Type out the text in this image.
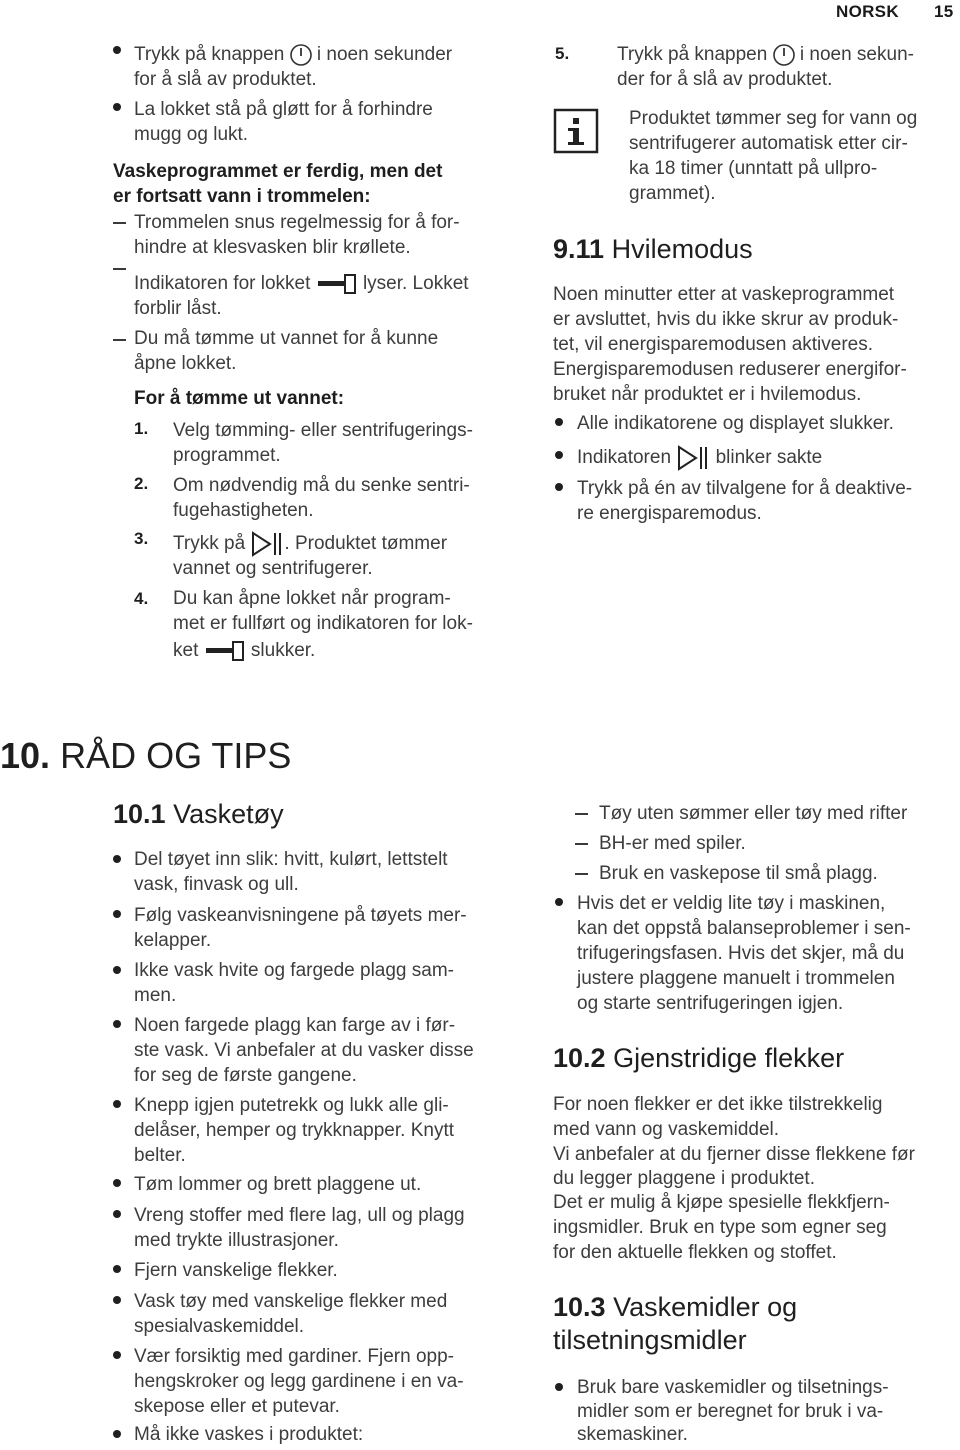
NORSK 15
Trykk på knappen i noen sekunder
for å slå av produktet.
La lokket stå på gløtt for å forhindre
mugg og lukt.
Vaskeprogrammet er ferdig, men det
er fortsatt vann i trommelen:
Trommelen snus regelmessig for å for-
hindre at klesvasken blir krøllete.
Indikatoren for lokket	lyser. Lokket
forblir låst.
Du må tømme ut vannet for å kunne
åpne lokket.
For å tømme ut vannet:
1. Velg tømming- eller sentrifugerings-
programmet.
2. Om nødvendig må du senke sentri-
fugehastigheten.
3. Trykk på . Produktet tømmer
vannet og sentrifugerer.
4. Du kan åpne lokket når program-
met er fullført og indikatoren for lok-
ket	slukker.
5.	Trykk på knappen i noen sekun-
der for å slå av produktet.
Produktet tømmer seg for vann og
sentrifugerer automatisk etter cir-
ka 18 timer (unntatt på ullpro-
grammet).
9.11 Hvilemodus
Noen minutter etter at vaskeprogrammet
er avsluttet, hvis du ikke skrur av produk-
tet, vil energisparemodusen aktiveres.
Energisparemodusen reduserer energifor-
bruket når produktet er i hvilemodus.
Alle indikatorene og displayet slukker.
Indikatoren blinker sakte
Trykk på én av tilvalgene for å deaktive-
re energisparemodus.
10. RÅD OG TIPS
10.1 Vasketøy
Del tøyet inn slik: hvitt, kulørt, lettstelt
vask, finvask og ull.
Følg vaskeanvisningene på tøyets mer-
kelapper.
Ikke vask hvite og fargede plagg sam-
men.
Noen fargede plagg kan farge av i før-
ste vask. Vi anbefaler at du vasker disse
for seg de første gangene.
Knepp igjen putetrekk og lukk alle gli-
delåser, hemper og trykknapper. Knytt
belter.
Tøm lommer og brett plaggene ut.
Vreng stoffer med flere lag, ull og plagg
med trykte illustrasjoner.
Fjern vanskelige flekker.
Vask tøy med vanskelige flekker med
spesialvaskemiddel.
Vær forsiktig med gardiner. Fjern opp-
hengskroker og legg gardinene i en va-
skepose eller et putevar.
Må ikke vaskes i produktet:
Tøy uten sømmer eller tøy med rifter
BH-er med spiler.
Bruk en vaskepose til små plagg.
Hvis det er veldig lite tøy i maskinen,
kan det oppstå balanseproblemer i sen-
trifugeringsfasen. Hvis det skjer, må du
justere plaggene manuelt i trommelen
og starte sentrifugeringen igjen.
10.2 Gjenstridige flekker
For noen flekker er det ikke tilstrekkelig
med vann og vaskemiddel.
Vi anbefaler at du fjerner disse flekkene før
du legger plaggene i produktet.
Det er mulig å kjøpe spesielle flekkfjern-
ingsmidler. Bruk en type som egner seg
for den aktuelle flekken og stoffet.
10.3 Vaskemidler og
tilsetningsmidler
Bruk bare vaskemidler og tilsetnings-
midler som er beregnet for bruk i va-
skemaskiner.
